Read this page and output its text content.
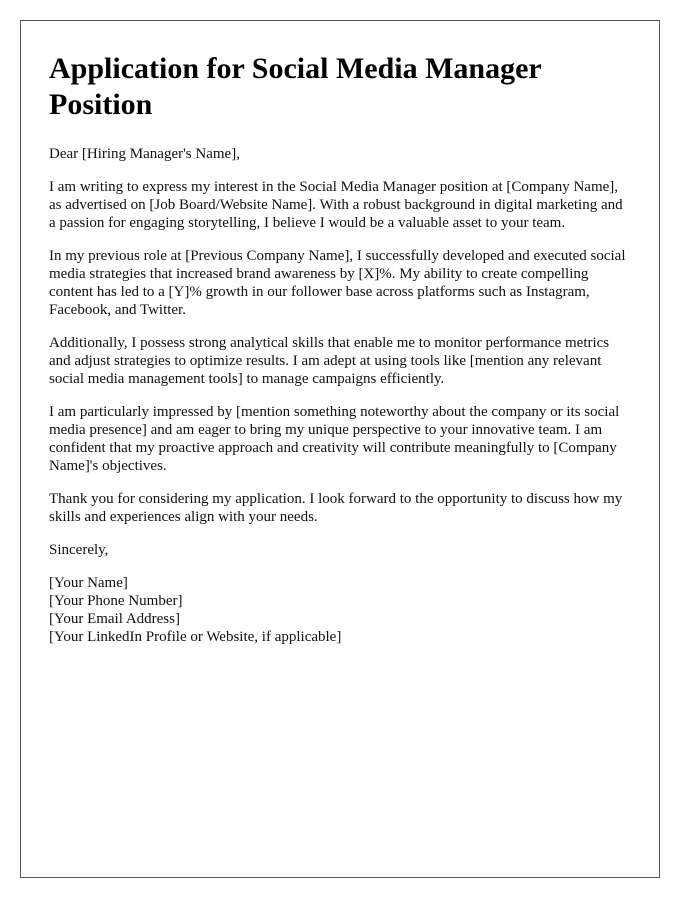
Application for Social Media Manager Position

Dear [Hiring Manager's Name],

I am writing to express my interest in the Social Media Manager position at [Company Name], as advertised on [Job Board/Website Name]. With a robust background in digital marketing and a passion for engaging storytelling, I believe I would be a valuable asset to your team.

In my previous role at [Previous Company Name], I successfully developed and executed social media strategies that increased brand awareness by [X]%. My ability to create compelling content has led to a [Y]% growth in our follower base across platforms such as Instagram, Facebook, and Twitter.

Additionally, I possess strong analytical skills that enable me to monitor performance metrics and adjust strategies to optimize results. I am adept at using tools like [mention any relevant social media management tools] to manage campaigns efficiently.

I am particularly impressed by [mention something noteworthy about the company or its social media presence] and am eager to bring my unique perspective to your innovative team. I am confident that my proactive approach and creativity will contribute meaningfully to [Company Name]'s objectives.

Thank you for considering my application. I look forward to the opportunity to discuss how my skills and experiences align with your needs.

Sincerely,

[Your Name]
[Your Phone Number]
[Your Email Address]
[Your LinkedIn Profile or Website, if applicable]
